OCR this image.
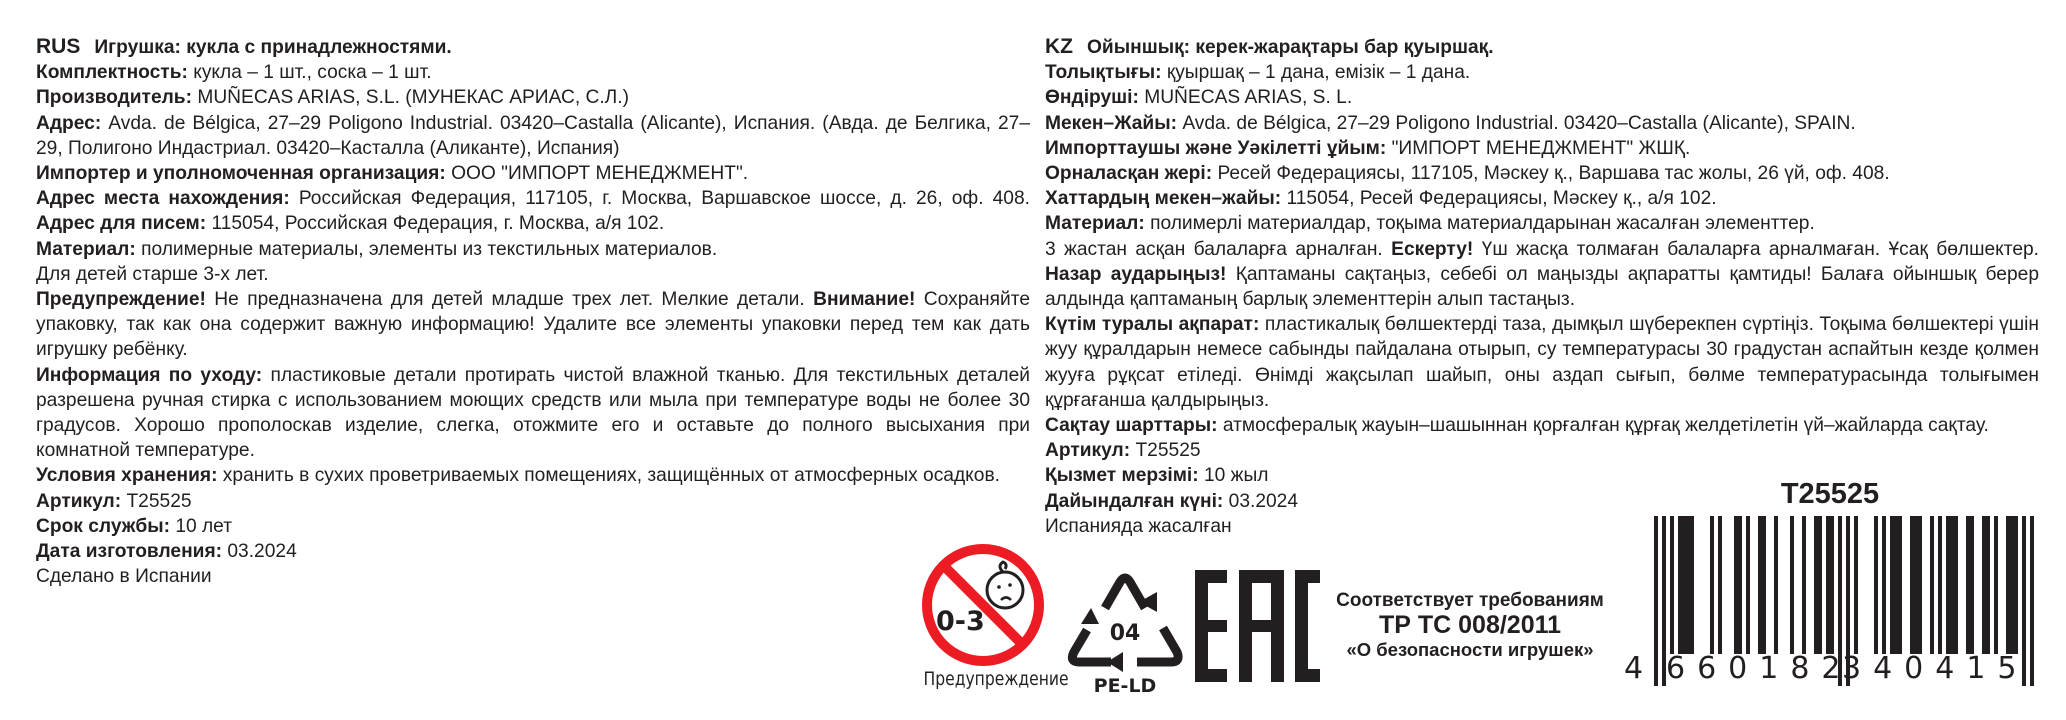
RUS Игрушка: кукла с принадлежностями.
Комплектность: кукла – 1 шт., соска – 1 шт.
Производитель: MUÑECAS ARIAS, S.L. (МУНЕКАС АРИАС, С.Л.)
Адрес: Avda. de Bélgica, 27–29 Poligono Industrial. 03420–Castalla (Alicante), Испания. (Авда. де Белгика, 27–29, Полигоно Индастриал. 03420–Касталла (Аликанте), Испания)
Импортер и уполномоченная организация: ООО "ИМПОРТ МЕНЕДЖМЕНТ".
Адрес места нахождения: Российская Федерация, 117105, г. Москва, Варшавское шоссе, д. 26, оф. 408. Адрес для писем: 115054, Российская Федерация, г. Москва, а/я 102.
Материал: полимерные материалы, элементы из текстильных материалов.
Для детей старше 3-х лет.
Предупреждение! Не предназначена для детей младше трех лет. Мелкие детали. Внимание! Сохраняйте упаковку, так как она содержит важную информацию! Удалите все элементы упаковки перед тем как дать игрушку ребёнку.
Информация по уходу: пластиковые детали протирать чистой влажной тканью. Для текстильных деталей разрешена ручная стирка с использованием моющих средств или мыла при температуре воды не более 30 градусов. Хорошо прополоскав изделие, слегка, отожмите его и оставьте до полного высыхания при комнатной температуре.
Условия хранения: хранить в сухих проветриваемых помещениях, защищённых от атмосферных осадков.
Артикул: T25525
Срок службы: 10 лет
Дата изготовления: 03.2024
Сделано в Испании
KZ Ойыншық: керек-жарақтары бар қуыршақ.
Толықтығы: қуыршақ – 1 дана, емізік – 1 дана.
Өндіруші: MUÑECAS ARIAS, S. L.
Мекен–Жайы: Avda. de Bélgica, 27–29 Poligono Industrial. 03420–Castalla (Alicante), SPAIN.
Импорттаушы және Уәкілетті ұйым: "ИМПОРТ МЕНЕДЖМЕНТ" ЖШҚ.
Орналасқан жері: Ресей Федерациясы, 117105, Мәскеу қ., Варшава тас жолы, 26 үй, оф. 408.
Хаттардың мекен–жайы: 115054, Ресей Федерациясы, Мәскеу қ., а/я 102.
Материал: полимерлі материалдар, тоқыма материалдарынан жасалған элементтер.
3 жастан асқан балаларға арналған. Ескерту! Үш жасқа толмаған балаларға арналмаған. Ұсақ бөлшектер. Назар аударыңыз! Қаптаманы сақтаңыз, себебі ол маңызды ақпаратты қамтиды! Балаға ойыншық берер алдында қаптаманың барлық элементтерін алып тастаңыз.
Күтім туралы ақпарат: пластикалық бөлшектерді таза, дымқыл шүберекпен сүртіңіз. Тоқыма бөлшектері үшін жуу құралдарын немесе сабынды пайдалана отырып, су температурасы 30 градустан аспайтын кезде қолмен жууға рұқсат етіледі. Өнімді жақсылап шайып, оны аздап сығып, бөлме температурасында толығымен құрғағанша қалдырыңыз.
Сақтау шарттары: атмосфералық жауын–шашыннан қорғалған құрғақ желдетілетін үй–жайларда сақтау.
Артикул: T25525
Қызмет мерзімі: 10 жыл
Дайындалған күні: 03.2024
Испанияда жасалған
0-3
Предупреждение
04
PE-LD
Соответствует требованиям
ТР ТС 008/2011
«О безопасности игрушек»
T25525
4 660182
340415
